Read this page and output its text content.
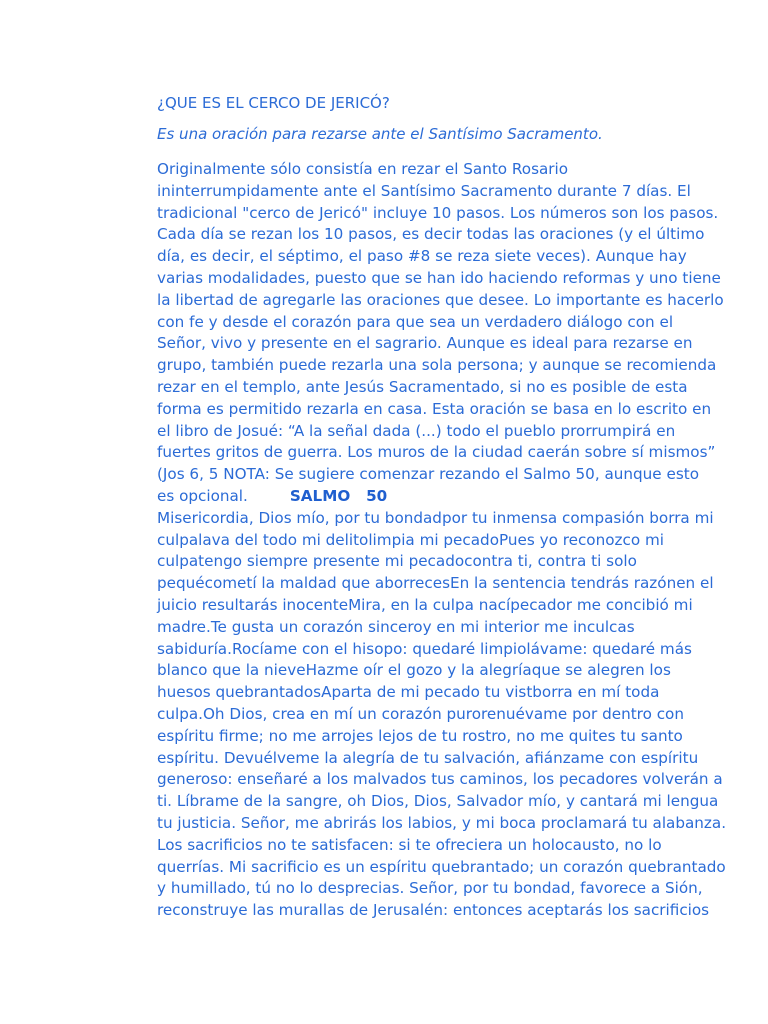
¿QUE ES EL CERCO DE JERICÓ?
Es una oración para rezarse ante el Santísimo Sacramento.
Originalmente sólo consistía en rezar el Santo Rosario
ininterrumpidamente ante el Santísimo Sacramento durante 7 días. El
tradicional "cerco de Jericó" incluye 10 pasos. Los números son los pasos.
Cada día se rezan los 10 pasos, es decir todas las oraciones (y el último
día, es decir, el séptimo, el paso #8 se reza siete veces). Aunque hay
varias modalidades, puesto que se han ido haciendo reformas y uno tiene
la libertad de agregarle las oraciones que desee. Lo importante es hacerlo
con fe y desde el corazón para que sea un verdadero diálogo con el
Señor, vivo y presente en el sagrario. Aunque es ideal para rezarse en
grupo, también puede rezarla una sola persona; y aunque se recomienda
rezar en el templo, ante Jesús Sacramentado, si no es posible de esta
forma es permitido rezarla en casa. Esta oración se basa en lo escrito en
el libro de Josué: “A la señal dada (...) todo el pueblo prorrumpirá en
fuertes gritos de guerra. Los muros de la ciudad caerán sobre sí mismos”
(Jos 6, 5 NOTA: Se sugiere comenzar rezando el Salmo 50, aunque esto
es opcional.	SALMO   50
Misericordia, Dios mío, por tu bondadpor tu inmensa compasión borra mi
culpalava del todo mi delitolimpia mi pecadoPues yo reconozco mi
culpatengo siempre presente mi pecadocontra ti, contra ti solo
pequécometí la maldad que aborrecesEn la sentencia tendrás razónen el
juicio resultarás inocenteMira, en la culpa nacípecador me concibió mi
madre.Te gusta un corazón sinceroy en mi interior me inculcas
sabiduría.Rocíame con el hisopo: quedaré limpiolávame: quedaré más
blanco que la nieveHazme oír el gozo y la alegríaque se alegren los
huesos quebrantadosAparta de mi pecado tu vistborra en mí toda
culpa.Oh Dios, crea en mí un corazón purorenuévame por dentro con
espíritu firme; no me arrojes lejos de tu rostro, no me quites tu santo
espíritu. Devuélveme la alegría de tu salvación, afiánzame con espíritu
generoso: enseñaré a los malvados tus caminos, los pecadores volverán a
ti. Líbrame de la sangre, oh Dios, Dios, Salvador mío, y cantará mi lengua
tu justicia. Señor, me abrirás los labios, y mi boca proclamará tu alabanza.
Los sacrificios no te satisfacen: si te ofreciera un holocausto, no lo
querrías. Mi sacrificio es un espíritu quebrantado; un corazón quebrantado
y humillado, tú no lo desprecias. Señor, por tu bondad, favorece a Sión,
reconstruye las murallas de Jerusalén: entonces aceptarás los sacrificios
